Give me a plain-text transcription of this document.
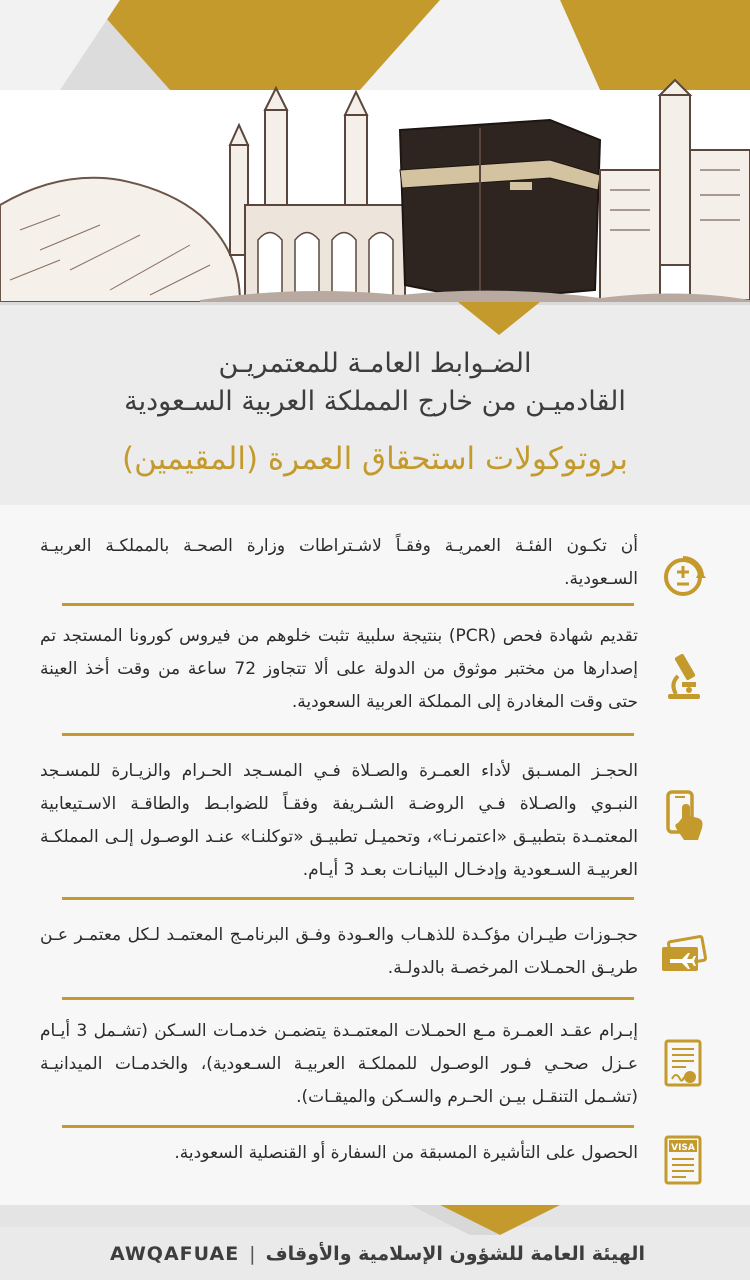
الضـوابط العامـة للمعتمريـن
القادميـن من خارج المملكة العربية السـعودية
بروتوكولات استحقاق العمرة (المقيمين)
أن تكـون الفئـة العمريـة وفقـاً لاشـتراطات وزارة الصحـة بالمملكـة العربيـة السـعودية.
تقديم شهادة فحص (PCR) بنتيجة سلبية تثبت خلوهم من فيروس كورونا المستجد تم إصدارها من مختبر موثوق من الدولة على ألا تتجاوز 72 ساعة من وقت أخذ العينة حتى وقت المغادرة إلى المملكة العربية السعودية.
الحجـز المسـبق لأداء العمـرة والصـلاة فـي المسـجد الحـرام والزيـارة للمسـجد النبـوي والصـلاة فـي الروضـة الشـريفة وفقـاً للضوابـط والطاقـة الاسـتيعابية المعتمـدة بتطبيـق «اعتمرنـا»، وتحميـل تطبيـق «توكلنـا» عنـد الوصـول إلـى المملكـة العربيـة السـعودية وإدخـال البيانـات بعـد 3 أيـام.
حجـوزات طيـران مؤكـدة للذهـاب والعـودة وفـق البرنامـج المعتمـد لـكل معتمـر عـن طريـق الحمـلات المرخصـة بالدولـة.
إبـرام عقـد العمـرة مـع الحمـلات المعتمـدة يتضمـن خدمـات السـكن (تشـمل 3 أيـام عـزل صحـي فـور الوصـول للمملكـة العربيـة السـعودية)، والخدمـات الميدانيـة (تشـمل التنقـل بيـن الحـرم والسـكن والميقـات).
الحصول على التأشيرة المسبقة من السفارة أو القنصلية السعودية.	VISA
AWQAFUAE | الهيئة العامة للشؤون الإسلامية والأوقاف
